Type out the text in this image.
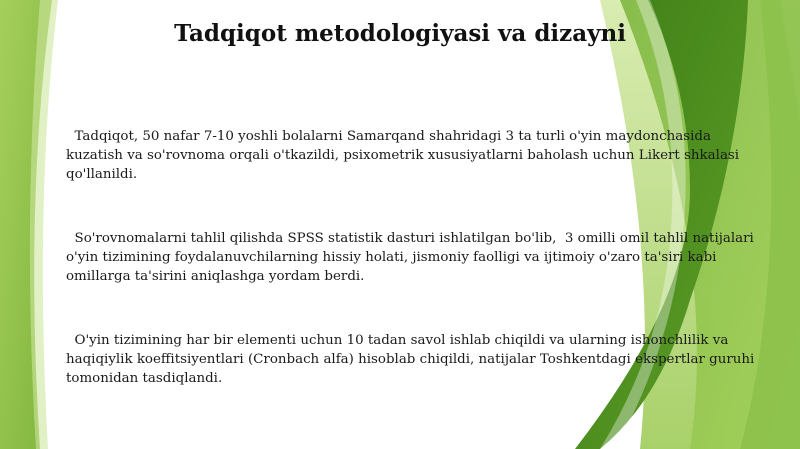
Tadqiqot metodologiyasi va dizayni

Tadqiqot, 50 nafar 7-10 yoshli bolalarni Samarqand shahridagi 3 ta turli o'yin maydonchasida kuzatish va so'rovnoma orqali o'tkazildi, psixometrik xususiyatlarni baholash uchun Likert shkalasi qo'llanildi.

So'rovnomalarni tahlil qilishda SPSS statistik dasturi ishlatilgan bo'lib,  3 omilli omil tahlil natijalari o'yin tizimining foydalanuvchilarning hissiy holati, jismoniy faolligi va ijtimoiy o'zaro ta'siri kabi omillarga ta'sirini aniqlashga yordam berdi.

O'yin tizimining har bir elementi uchun 10 tadan savol ishlab chiqildi va ularning ishonchlilik va haqiqiylik koeffitsiyentlari (Cronbach alfa) hisoblab chiqildi, natijalar Toshkentdagi ekspertlar guruhi tomonidan tasdiqlandi.
